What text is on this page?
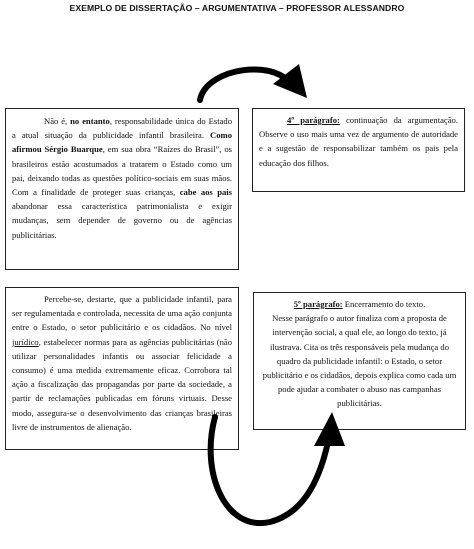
EXEMPLO DE DISSERTAÇÃO – ARGUMENTATIVA – PROFESSOR ALESSANDRO

Não é, no entanto, responsabilidade única do Estado a atual situação da publicidade infantil brasileira. Como afirmou Sérgio Buarque, em sua obra “Raízes do Brasil”, os brasileiros estão acostumados a tratarem o Estado como um pai, deixando todas as questões político-sociais em suas mãos. Com a finalidade de proteger suas crianças, cabe aos pais abandonar essa característica patrimonialista e exigir mudanças, sem depender de governo ou de agências publicitárias.

4º parágrafo: continuação da argumentação. Observe o uso mais uma vez de argumento de autoridade e a sugestão de responsabilizar também os pais pela educação dos filhos.

Percebe-se, destarte, que a publicidade infantil, para ser regulamentada e controlada, necessita de uma ação conjunta entre o Estado, o setor publicitário e os cidadãos. No nível jurídico, estabelecer normas para as agências publicitárias (não utilizar personalidades infantis ou associar felicidade a consumo) é uma medida extremamente eficaz. Corrobora tal ação a fiscalização das propagandas por parte da sociedade, a partir de reclamações publicadas em fóruns virtuais. Desse modo, assegura-se o desenvolvimento das crianças brasileiras livre de instrumentos de alienação.

5º parágrafo: Encerramento do texto.

Nesse parágrafo o autor finaliza com a proposta de intervenção social, a qual ele, ao longo do texto, já ilustrava. Cita os três responsáveis pela mudança do quadro da publicidade infantil: o Estado, o setor publicitário e os cidadãos, depois explica como cada um pode ajudar a combater o abuso nas campanhas publicitárias.
